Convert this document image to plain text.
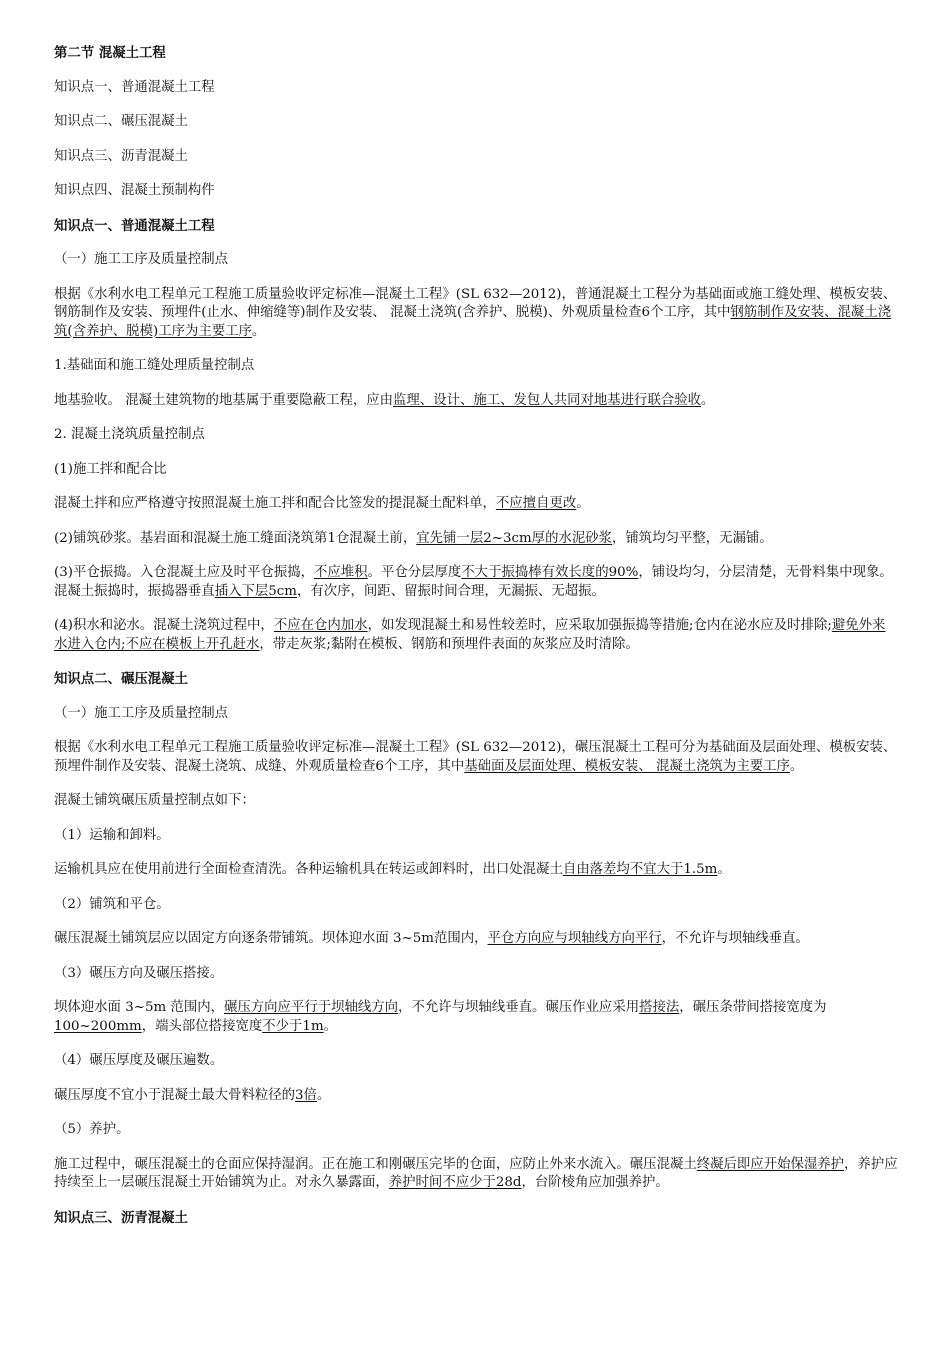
第二节 混凝土工程

知识点一、普通混凝土工程

知识点二、碾压混凝土

知识点三、沥青混凝土

知识点四、混凝土预制构件

知识点一、普通混凝土工程

（一）施工工序及质量控制点

根据《水利水电工程单元工程施工质量验收评定标准—混凝土工程》(SL 632—2012)，普通混凝土工程分为基础面或施工缝处理、模板安装、钢筋制作及安装、预埋件(止水、伸缩缝等)制作及安装、 混凝土浇筑(含养护、脱模)、外观质量检查6个工序，其中钢筋制作及安装、混凝土浇筑(含养护、脱模)工序为主要工序。

1.基础面和施工缝处理质量控制点

地基验收。 混凝土建筑物的地基属于重要隐蔽工程，应由监理、设计、施工、发包人共同对地基进行联合验收。

2. 混凝土浇筑质量控制点

(1)施工拌和配合比

混凝土拌和应严格遵守按照混凝土施工拌和配合比签发的提混凝土配料单，不应擅自更改。

(2)铺筑砂浆。基岩面和混凝土施工缝面浇筑第1仓混凝土前，宜先铺一层2~3cm厚的水泥砂浆，铺筑均匀平整，无漏铺。

(3)平仓振捣。入仓混凝土应及时平仓振捣，不应堆积。平仓分层厚度不大于振捣棒有效长度的90%，铺设均匀，分层清楚，无骨料集中现象。混凝土振捣时，振捣器垂直插入下层5cm，有次序，间距、留振时间合理，无漏振、无超振。

(4)积水和泌水。混凝土浇筑过程中，不应在仓内加水，如发现混凝土和易性较差时，应采取加强振捣等措施;仓内在泌水应及时排除;避免外来水进入仓内;不应在模板上开孔赶水，带走灰浆;黏附在模板、钢筋和预埋件表面的灰浆应及时清除。

知识点二、碾压混凝土

（一）施工工序及质量控制点

根据《水利水电工程单元工程施工质量验收评定标准—混凝土工程》(SL 632—2012)，碾压混凝土工程可分为基础面及层面处理、模板安装、预埋件制作及安装、混凝土浇筑、成缝、外观质量检查6个工序，其中基础面及层面处理、模板安装、 混凝土浇筑为主要工序。

混凝土铺筑碾压质量控制点如下：

（1）运输和卸料。

运输机具应在使用前进行全面检查清洗。各种运输机具在转运或卸料时，出口处混凝土自由落差均不宜大于1.5m。

（2）铺筑和平仓。

碾压混凝土铺筑层应以固定方向逐条带铺筑。坝体迎水面 3~5m范围内，平仓方向应与坝轴线方向平行，不允许与坝轴线垂直。

（3）碾压方向及碾压搭接。

坝体迎水面 3~5m 范围内，碾压方向应平行于坝轴线方向，不允许与坝轴线垂直。碾压作业应采用搭接法，碾压条带间搭接宽度为100~200mm，端头部位搭接宽度不少于1m。

（4）碾压厚度及碾压遍数。

碾压厚度不宜小于混凝土最大骨料粒径的3倍。

（5）养护。

施工过程中，碾压混凝土的仓面应保持湿润。正在施工和刚碾压完毕的仓面，应防止外来水流入。碾压混凝土终凝后即应开始保湿养护，养护应持续至上一层碾压混凝土开始铺筑为止。对永久暴露面，养护时间不应少于28d，台阶棱角应加强养护。

知识点三、沥青混凝土
